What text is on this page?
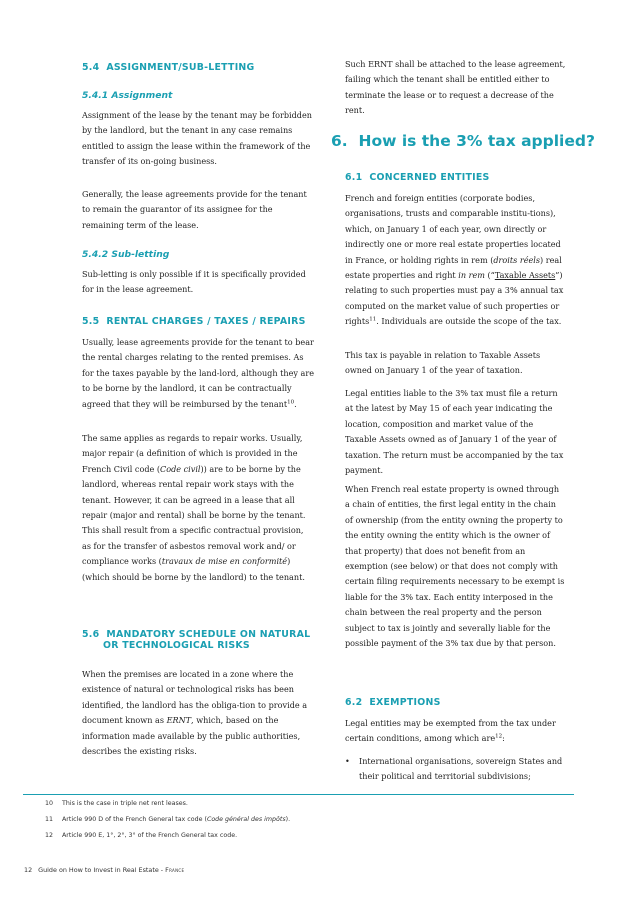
5.4 ASSIGNMENT/SUB-LETTING
5.4.1 Assignment

Assignment of the lease by the tenant may be forbidden by the landlord, but the tenant in any case remains entitled to assign the lease within the framework of the transfer of its on-going business.

Generally, the lease agreements provide for the tenant to remain the guarantor of its assignee for the remaining term of the lease.

5.4.2 Sub-letting

Sub-letting is only possible if it is specifically provided for in the lease agreement.

5.5 RENTAL CHARGES / TAXES / REPAIRS

Usually, lease agreements provide for the tenant to bear the rental charges relating to the rented premises. As for the taxes payable by the land-lord, although they are to be borne by the landlord, it can be contractually agreed that they will be reimbursed by the tenant$^{10}$.

The same applies as regards to repair works. Usually, major repair (a definition of which is provided in the French Civil code (Code civil)) are to be borne by the landlord, whereas rental repair work stays with the tenant. However, it can be agreed in a lease that all repair (major and rental) shall be borne by the tenant. This shall result from a specific contractual provision, as for the transfer of asbestos removal work and/ or compliance works (travaux de mise en conformité) (which should be borne by the landlord) to the tenant.

5.6 MANDATORY SCHEDULE ON NATURAL
OR TECHNOLOGICAL RISKS

When the premises are located in a zone where the existence of natural or technological risks has been identified, the landlord has the obliga-tion to provide a document known as ERNT, which, based on the information made available by the public authorities, describes the existing risks.

Such ERNT shall be attached to the lease agreement, failing which the tenant shall be entitled either to terminate the lease or to request a decrease of the rent.

6. How is the 3% tax applied?
6.1 CONCERNED ENTITIES

French and foreign entities (corporate bodies, organisations, trusts and comparable institu-tions), which, on January 1 of each year, own directly or indirectly one or more real estate properties located in France, or holding rights in rem (droits réels) real estate properties and right in rem (“Taxable Assets”) relating to such properties must pay a 3% annual tax computed on the market value of such properties or rights$^{11}$. Individuals are outside the scope of the tax.

This tax is payable in relation to Taxable Assets owned on January 1 of the year of taxation.

Legal entities liable to the 3% tax must file a return at the latest by May 15 of each year indicating the location, composition and market value of the Taxable Assets owned as of January 1 of the year of taxation. The return must be accompanied by the tax payment.

When French real estate property is owned through a chain of entities, the first legal entity in the chain of ownership (from the entity owning the property to the entity owning the entity which is the owner of that property) that does not benefit from an exemption (see below) or that does not comply with certain filing requirements necessary to be exempt is liable for the 3% tax. Each entity interposed in the chain between the real property and the person subject to tax is jointly and severally liable for the possible payment of the 3% tax due by that person.

6.2 EXEMPTIONS

Legal entities may be exempted from the tax under certain conditions, among which are$^{12}$:

•	International organisations, sovereign States and their political and territorial subdivisions;
10	This is the case in triple net rent leases.
11	Article 990 D of the French General tax code (Code général des impôts).
12	Article 990 E, 1°, 2°, 3° of the French General tax code.
12 Guide on How to Invest in Real Estate - France
